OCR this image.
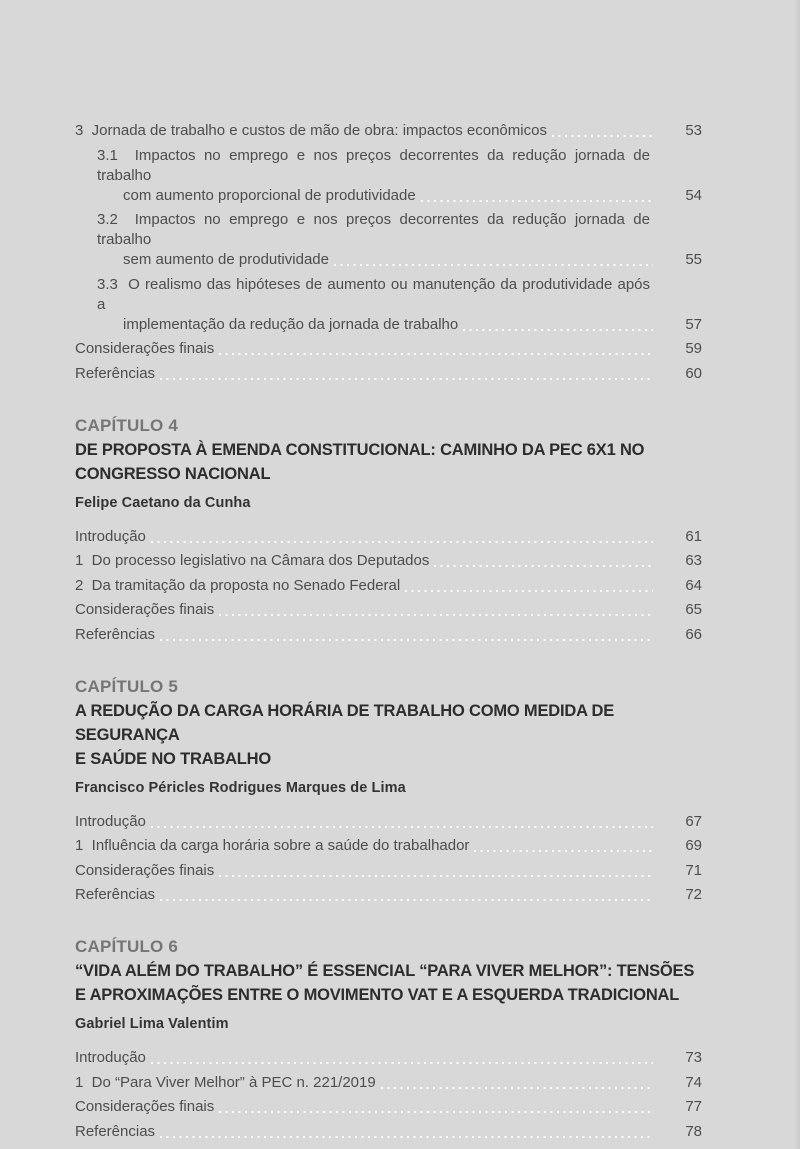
3  Jornada de trabalho e custos de mão de obra: impactos econômicos	53
3.1  Impactos no emprego e nos preços decorrentes da redução jornada de trabalho
com aumento proporcional de produtividade	54
3.2  Impactos no emprego e nos preços decorrentes da redução jornada de trabalho
sem aumento de produtividade	55
3.3  O realismo das hipóteses de aumento ou manutenção da produtividade após a
implementação da redução da jornada de trabalho	57
Considerações finais	59
Referências	60
CAPÍTULO 4
DE PROPOSTA À EMENDA CONSTITUCIONAL: CAMINHO DA PEC 6X1 NO
CONGRESSO NACIONAL
Felipe Caetano da Cunha
Introdução	61
1  Do processo legislativo na Câmara dos Deputados	63
2  Da tramitação da proposta no Senado Federal	64
Considerações finais	65
Referências	66
CAPÍTULO 5
A REDUÇÃO DA CARGA HORÁRIA DE TRABALHO COMO MEDIDA DE SEGURANÇA
E SAÚDE NO TRABALHO
Francisco Péricles Rodrigues Marques de Lima
Introdução	67
1  Influência da carga horária sobre a saúde do trabalhador	69
Considerações finais	71
Referências	72
CAPÍTULO 6
“VIDA ALÉM DO TRABALHO” É ESSENCIAL “PARA VIVER MELHOR”: TENSÕES
E APROXIMAÇÕES ENTRE O MOVIMENTO VAT E A ESQUERDA TRADICIONAL
Gabriel Lima Valentim
Introdução	73
1  Do “Para Viver Melhor” à PEC n. 221/2019	74
Considerações finais	77
Referências	78
